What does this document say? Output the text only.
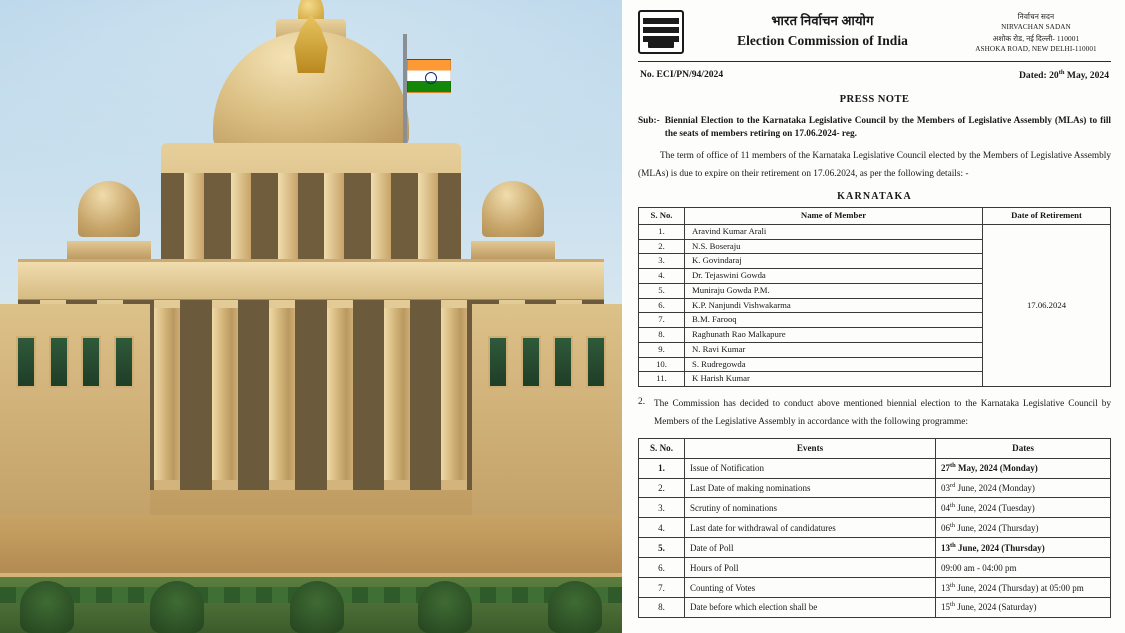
भारत निर्वाचन आयोग
Election Commission of India
निर्वाचन सदन
NIRVACHAN SADAN
अशोक रोड, नई दिल्ली- 110001
ASHOKA ROAD, NEW DELHI-110001
No. ECI/PN/94/2024	Dated: 20th May, 2024
PRESS NOTE
Sub:- Biennial Election to the Karnataka Legislative Council by the Members of Legislative Assembly (MLAs) to fill the seats of members retiring on 17.06.2024- reg.
The term of office of 11 members of the Karnataka Legislative Council elected by the Members of Legislative Assembly (MLAs) is due to expire on their retirement on 17.06.2024, as per the following details: -
KARNATAKA
S. No.	Name of Member	Date of Retirement
1.	Aravind Kumar Arali	17.06.2024
2.	N.S. Boseraju	
3.	K. Govindaraj	
4.	Dr. Tejaswini Gowda	
5.	Muniraju Gowda P.M.	
6.	K.P. Nanjundi Vishwakarma	
7.	B.M. Farooq	
8.	Raghunath Rao Malkapure	
9.	N. Ravi Kumar	
10.	S. Rudregowda	
11.	K Harish Kumar	
2. The Commission has decided to conduct above mentioned biennial election to the Karnataka Legislative Council by Members of the Legislative Assembly in accordance with the following programme:
S. No.	Events	Dates
1.	Issue of Notification	27th May, 2024 (Monday)
2.	Last Date of making nominations	03rd June, 2024 (Monday)
3.	Scrutiny of nominations	04th June, 2024 (Tuesday)
4.	Last date for withdrawal of candidatures	06th June, 2024 (Thursday)
5.	Date of Poll	13th June, 2024 (Thursday)
6.	Hours of Poll	09:00 am - 04:00 pm
7.	Counting of Votes	13th June, 2024 (Thursday) at 05:00 pm
8.	Date before which election shall be	15th June, 2024 (Saturday)
